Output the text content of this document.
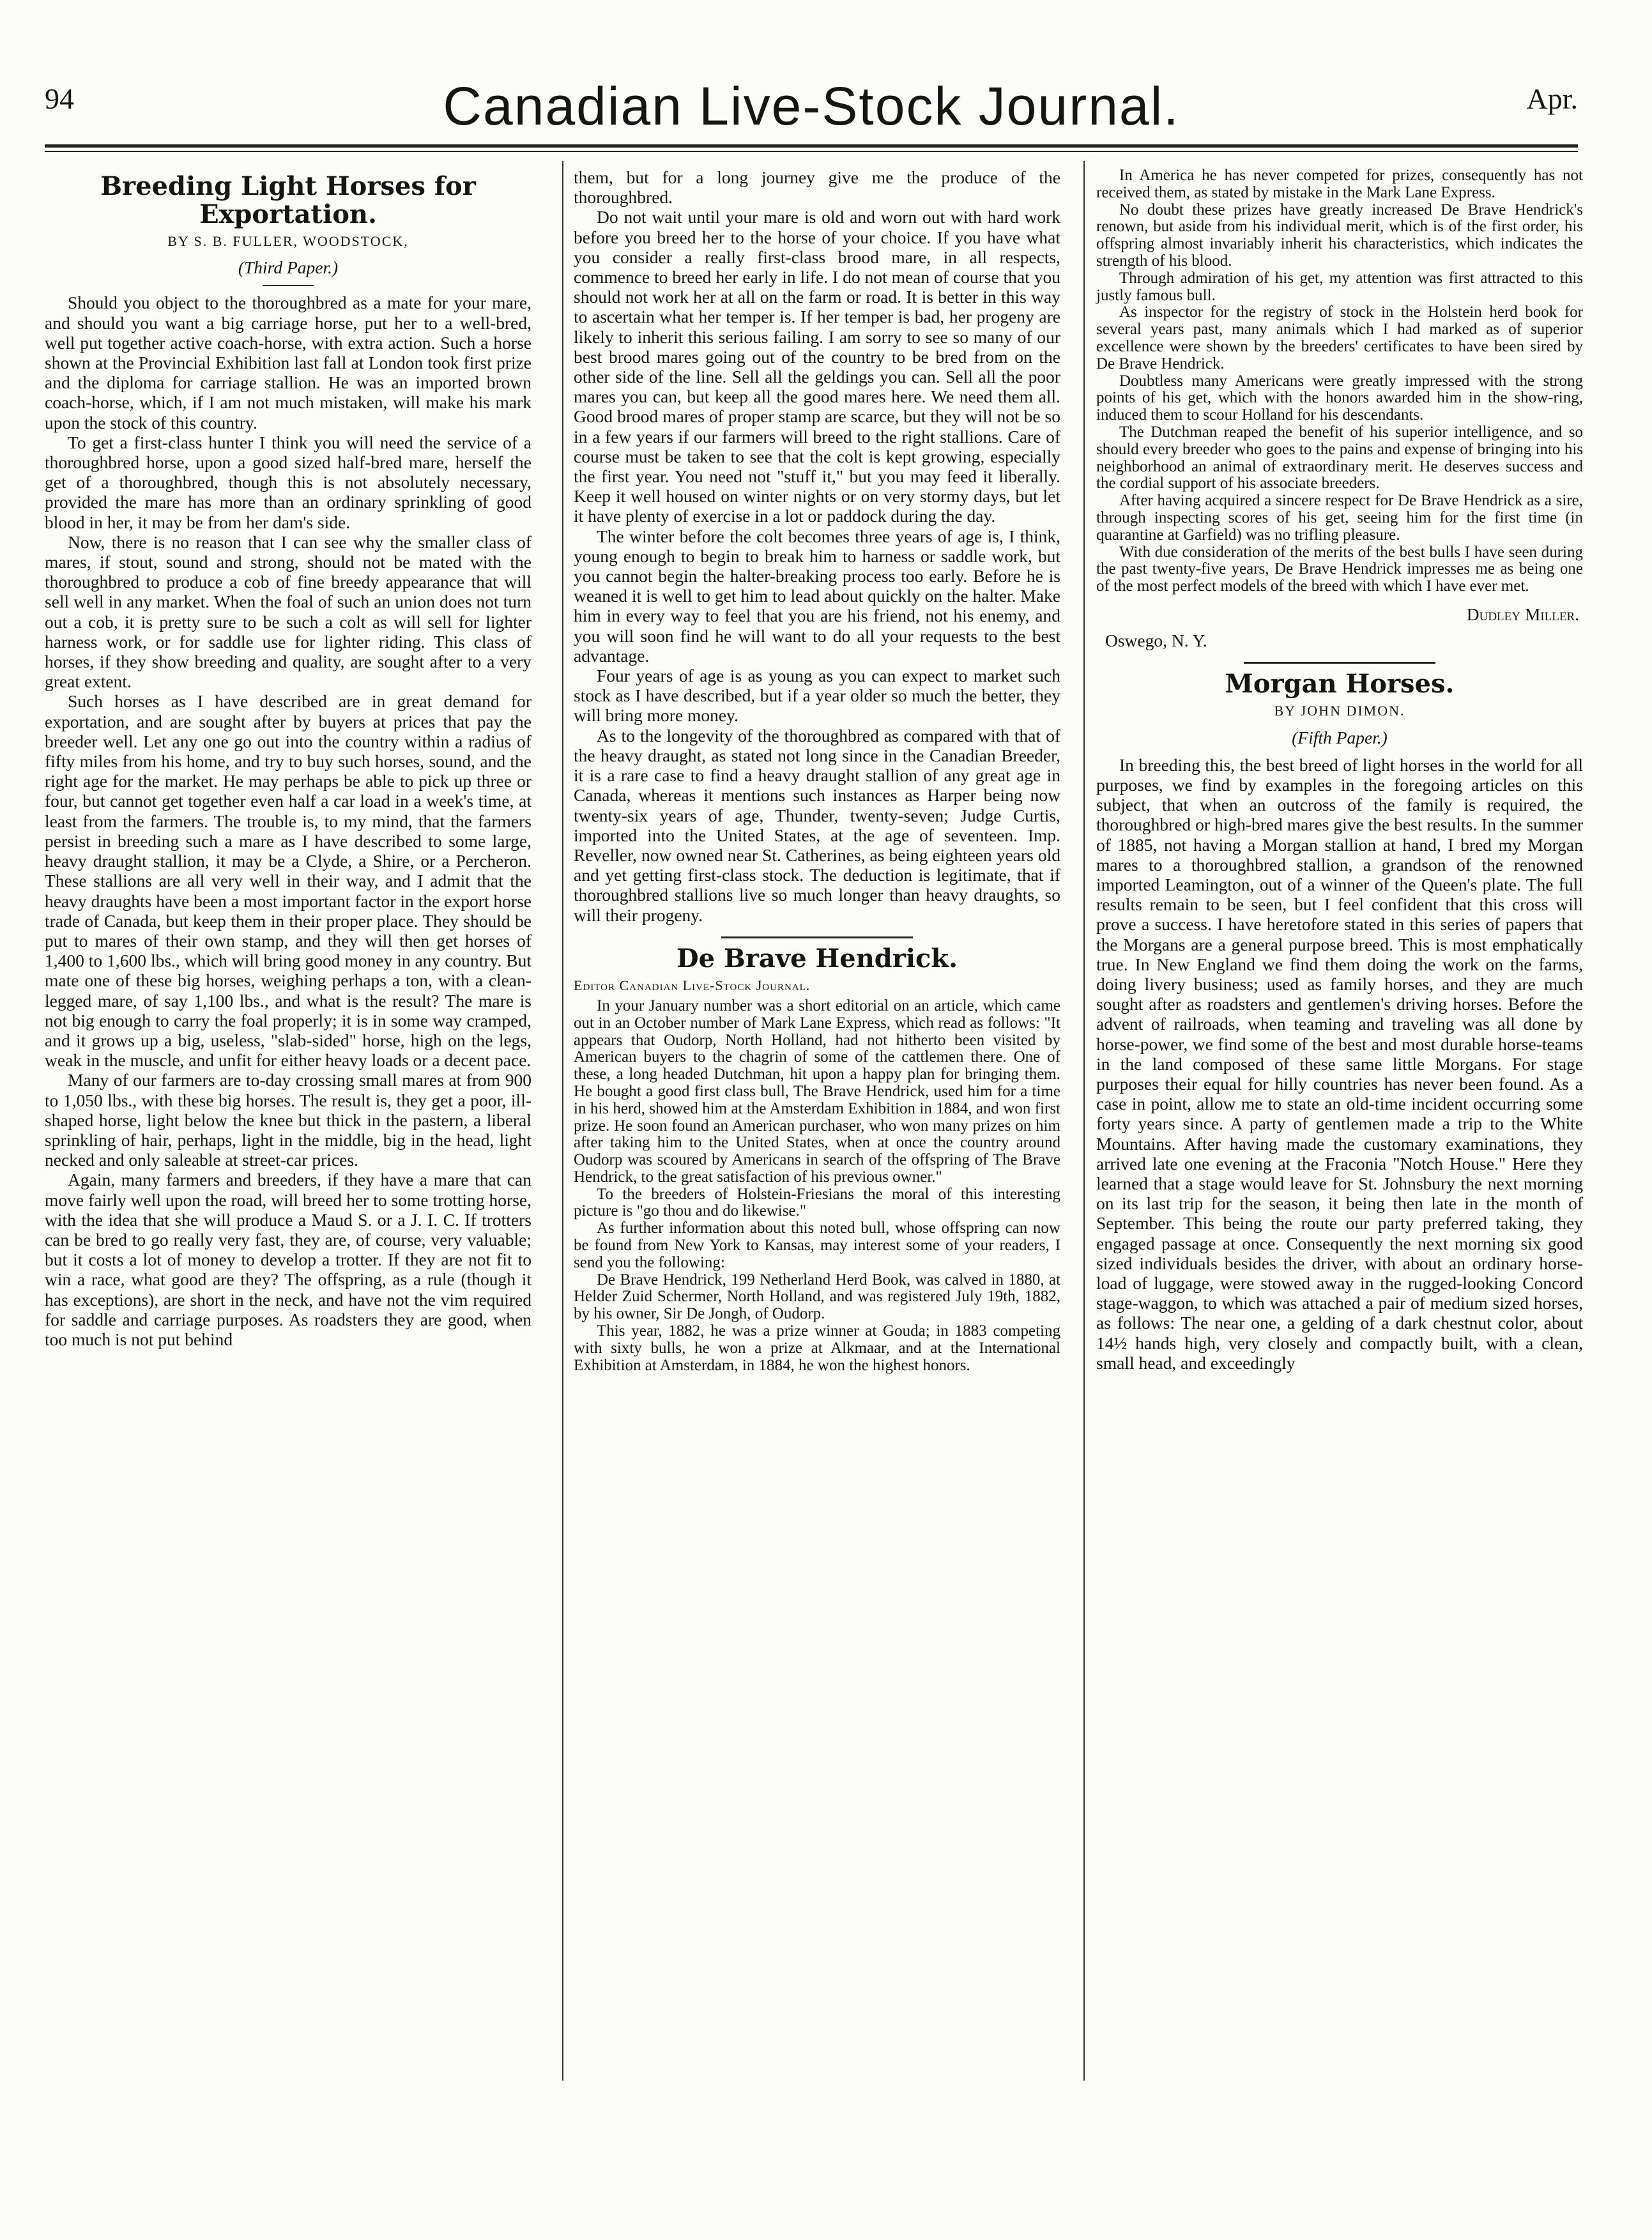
94	Canadian Live-Stock Journal.	Apr.
Breeding Light Horses for Exportation.
BY S. B. FULLER, WOODSTOCK,
(Third Paper.)

Should you object to the thoroughbred as a mate for your mare, and should you want a big carriage horse, put her to a well-bred, well put together active coach-horse, with extra action. Such a horse shown at the Provincial Exhibition last fall at London took first prize and the diploma for carriage stallion. He was an imported brown coach-horse, which, if I am not much mistaken, will make his mark upon the stock of this country.

To get a first-class hunter I think you will need the service of a thoroughbred horse, upon a good sized half-bred mare, herself the get of a thoroughbred, though this is not absolutely necessary, provided the mare has more than an ordinary sprinkling of good blood in her, it may be from her dam's side.

Now, there is no reason that I can see why the smaller class of mares, if stout, sound and strong, should not be mated with the thoroughbred to produce a cob of fine breedy appearance that will sell well in any market. When the foal of such an union does not turn out a cob, it is pretty sure to be such a colt as will sell for lighter harness work, or for saddle use for lighter riding. This class of horses, if they show breeding and quality, are sought after to a very great extent.

Such horses as I have described are in great demand for exportation, and are sought after by buyers at prices that pay the breeder well. Let any one go out into the country within a radius of fifty miles from his home, and try to buy such horses, sound, and the right age for the market. He may perhaps be able to pick up three or four, but cannot get together even half a car load in a week's time, at least from the farmers. The trouble is, to my mind, that the farmers persist in breeding such a mare as I have described to some large, heavy draught stallion, it may be a Clyde, a Shire, or a Percheron. These stallions are all very well in their way, and I admit that the heavy draughts have been a most important factor in the export horse trade of Canada, but keep them in their proper place. They should be put to mares of their own stamp, and they will then get horses of 1,400 to 1,600 lbs., which will bring good money in any country. But mate one of these big horses, weighing perhaps a ton, with a clean-legged mare, of say 1,100 lbs., and what is the result? The mare is not big enough to carry the foal properly; it is in some way cramped, and it grows up a big, useless, "slab-sided" horse, high on the legs, weak in the muscle, and unfit for either heavy loads or a decent pace.

Many of our farmers are to-day crossing small mares at from 900 to 1,050 lbs., with these big horses. The result is, they get a poor, ill-shaped horse, light below the knee but thick in the pastern, a liberal sprinkling of hair, perhaps, light in the middle, big in the head, light necked and only saleable at street-car prices.

Again, many farmers and breeders, if they have a mare that can move fairly well upon the road, will breed her to some trotting horse, with the idea that she will produce a Maud S. or a J. I. C. If trotters can be bred to go really very fast, they are, of course, very valuable; but it costs a lot of money to develop a trotter. If they are not fit to win a race, what good are they? The offspring, as a rule (though it has exceptions), are short in the neck, and have not the vim required for saddle and carriage purposes. As roadsters they are good, when too much is not put behind

them, but for a long journey give me the produce of the thoroughbred.

Do not wait until your mare is old and worn out with hard work before you breed her to the horse of your choice. If you have what you consider a really first-class brood mare, in all respects, commence to breed her early in life. I do not mean of course that you should not work her at all on the farm or road. It is better in this way to ascertain what her temper is. If her temper is bad, her progeny are likely to inherit this serious failing. I am sorry to see so many of our best brood mares going out of the country to be bred from on the other side of the line. Sell all the geldings you can. Sell all the poor mares you can, but keep all the good mares here. We need them all. Good brood mares of proper stamp are scarce, but they will not be so in a few years if our farmers will breed to the right stallions. Care of course must be taken to see that the colt is kept growing, especially the first year. You need not "stuff it," but you may feed it liberally. Keep it well housed on winter nights or on very stormy days, but let it have plenty of exercise in a lot or paddock during the day.

The winter before the colt becomes three years of age is, I think, young enough to begin to break him to harness or saddle work, but you cannot begin the halter-breaking process too early. Before he is weaned it is well to get him to lead about quickly on the halter. Make him in every way to feel that you are his friend, not his enemy, and you will soon find he will want to do all your requests to the best advantage.

Four years of age is as young as you can expect to market such stock as I have described, but if a year older so much the better, they will bring more money.

As to the longevity of the thoroughbred as compared with that of the heavy draught, as stated not long since in the Canadian Breeder, it is a rare case to find a heavy draught stallion of any great age in Canada, whereas it mentions such instances as Harper being now twenty-six years of age, Thunder, twenty-seven; Judge Curtis, imported into the United States, at the age of seventeen. Imp. Reveller, now owned near St. Catherines, as being eighteen years old and yet getting first-class stock. The deduction is legitimate, that if thoroughbred stallions live so much longer than heavy draughts, so will their progeny.

De Brave Hendrick.
Editor Canadian Live-Stock Journal.

In your January number was a short editorial on an article, which came out in an October number of Mark Lane Express, which read as follows: "It appears that Oudorp, North Holland, had not hitherto been visited by American buyers to the chagrin of some of the cattlemen there. One of these, a long headed Dutchman, hit upon a happy plan for bringing them. He bought a good first class bull, The Brave Hendrick, used him for a time in his herd, showed him at the Amsterdam Exhibition in 1884, and won first prize. He soon found an American purchaser, who won many prizes on him after taking him to the United States, when at once the country around Oudorp was scoured by Americans in search of the offspring of The Brave Hendrick, to the great satisfaction of his previous owner."

To the breeders of Holstein-Friesians the moral of this interesting picture is "go thou and do likewise."

As further information about this noted bull, whose offspring can now be found from New York to Kansas, may interest some of your readers, I send you the following:

De Brave Hendrick, 199 Netherland Herd Book, was calved in 1880, at Helder Zuid Schermer, North Holland, and was registered July 19th, 1882, by his owner, Sir De Jongh, of Oudorp.

This year, 1882, he was a prize winner at Gouda; in 1883 competing with sixty bulls, he won a prize at Alkmaar, and at the International Exhibition at Amsterdam, in 1884, he won the highest honors.

In America he has never competed for prizes, consequently has not received them, as stated by mistake in the Mark Lane Express.

No doubt these prizes have greatly increased De Brave Hendrick's renown, but aside from his individual merit, which is of the first order, his offspring almost invariably inherit his characteristics, which indicates the strength of his blood.

Through admiration of his get, my attention was first attracted to this justly famous bull.

As inspector for the registry of stock in the Holstein herd book for several years past, many animals which I had marked as of superior excellence were shown by the breeders' certificates to have been sired by De Brave Hendrick.

Doubtless many Americans were greatly impressed with the strong points of his get, which with the honors awarded him in the show-ring, induced them to scour Holland for his descendants.

The Dutchman reaped the benefit of his superior intelligence, and so should every breeder who goes to the pains and expense of bringing into his neighborhood an animal of extraordinary merit. He deserves success and the cordial support of his associate breeders.

After having acquired a sincere respect for De Brave Hendrick as a sire, through inspecting scores of his get, seeing him for the first time (in quarantine at Garfield) was no trifling pleasure.

With due consideration of the merits of the best bulls I have seen during the past twenty-five years, De Brave Hendrick impresses me as being one of the most perfect models of the breed with which I have ever met.

Dudley Miller.

Oswego, N. Y.

Morgan Horses.
BY JOHN DIMON.
(Fifth Paper.)

In breeding this, the best breed of light horses in the world for all purposes, we find by examples in the foregoing articles on this subject, that when an outcross of the family is required, the thoroughbred or high-bred mares give the best results. In the summer of 1885, not having a Morgan stallion at hand, I bred my Morgan mares to a thoroughbred stallion, a grandson of the renowned imported Leamington, out of a winner of the Queen's plate. The full results remain to be seen, but I feel confident that this cross will prove a success. I have heretofore stated in this series of papers that the Morgans are a general purpose breed. This is most emphatically true. In New England we find them doing the work on the farms, doing livery business; used as family horses, and they are much sought after as roadsters and gentlemen's driving horses. Before the advent of railroads, when teaming and traveling was all done by horse-power, we find some of the best and most durable horse-teams in the land composed of these same little Morgans. For stage purposes their equal for hilly countries has never been found. As a case in point, allow me to state an old-time incident occurring some forty years since. A party of gentlemen made a trip to the White Mountains. After having made the customary examinations, they arrived late one evening at the Fraconia "Notch House." Here they learned that a stage would leave for St. Johnsbury the next morning on its last trip for the season, it being then late in the month of September. This being the route our party preferred taking, they engaged passage at once. Consequently the next morning six good sized individuals besides the driver, with about an ordinary horse-load of luggage, were stowed away in the rugged-looking Concord stage-waggon, to which was attached a pair of medium sized horses, as follows: The near one, a gelding of a dark chestnut color, about 14½ hands high, very closely and compactly built, with a clean, small head, and exceedingly
